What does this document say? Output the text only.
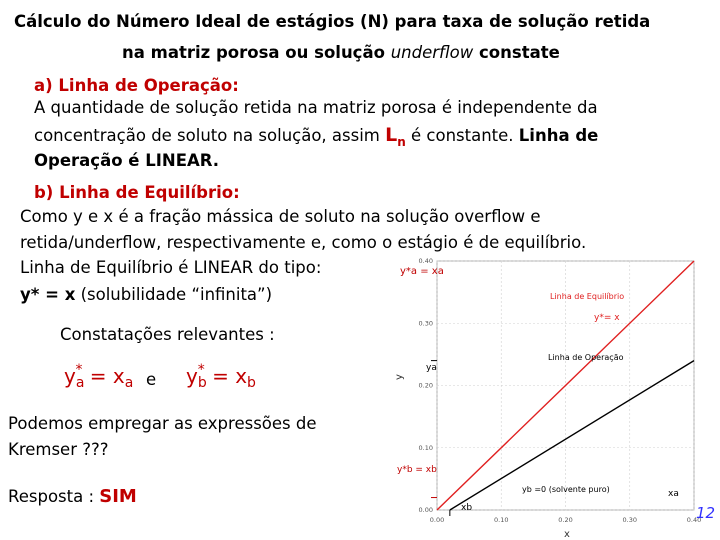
Cálculo do Número Ideal de estágios (N) para taxa de solução retida
na matriz porosa ou solução underflow constate
a) Linha de Operação:
A quantidade de solução retida na matriz porosa é independente da
concentração de soluto na solução, assim $L_n$ é constante. Linha de
Operação é LINEAR.
b) Linha de Equilíbrio:
Como y e x é a fração mássica de soluto na solução overflow e
retida/underflow, respectivamente e, como o estágio é de equilíbrio.
Linha de Equilíbrio é LINEAR do tipo:
y* = x (solubilidade “infinita”)
Constatações relevantes :
$y_a^* = x_a$ e $y_b^* = x_b$
Podemos empregar as expressões de
Kremser ???
Resposta : SIM
0.00	0.10	0.20	0.30	0.40
0.00
0.10
0.20
0.30
0.40
y
x
y*a = xa
Linha de Equilíbrio
y*= x
Linha de Operação
ya
y*b = xb
yb =0 (solvente puro)	xa
xb	12
